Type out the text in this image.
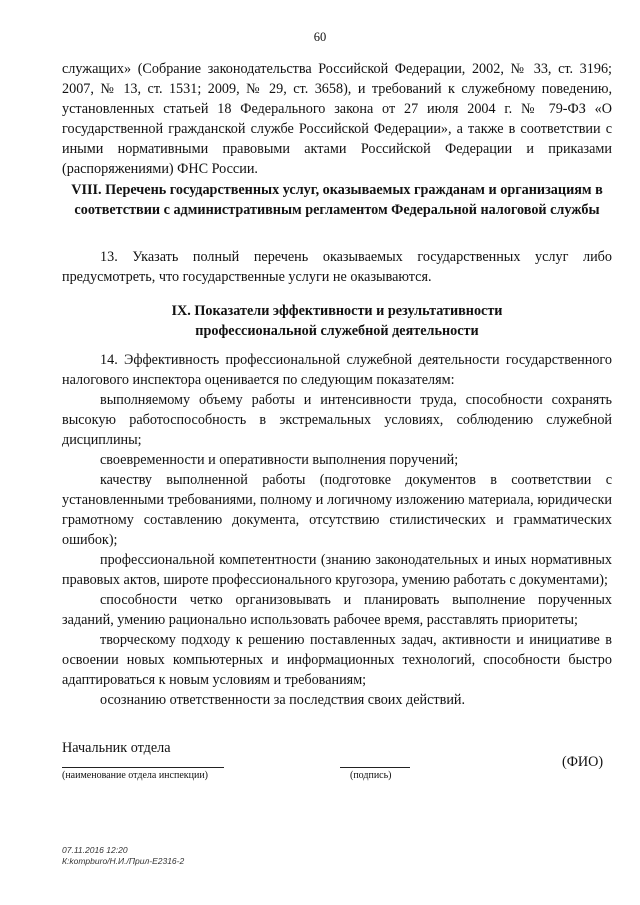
60

служащих» (Собрание законодательства Российской Федерации, 2002, № 33, ст. 3196; 2007, № 13, ст. 1531; 2009, № 29, ст. 3658), и требований к служебному поведению, установленных статьей 18 Федерального закона от 27 июля 2004 г. № 79-ФЗ «О государственной гражданской службе Российской Федерации», а также в соответствии с иными нормативными правовыми актами Российской Федерации и приказами (распоряжениями) ФНС России.

VIII. Перечень государственных услуг, оказываемых гражданам и организациям в соответствии с административным регламентом Федеральной налоговой службы

13. Указать полный перечень оказываемых государственных услуг либо предусмотреть, что государственные услуги не оказываются.

IX. Показатели эффективности и результативности
профессиональной служебной деятельности

14. Эффективность профессиональной служебной деятельности государственного налогового инспектора оценивается по следующим показателям:

выполняемому объему работы и интенсивности труда, способности сохранять высокую работоспособность в экстремальных условиях, соблюдению служебной дисциплины;

своевременности и оперативности выполнения поручений;

качеству выполненной работы (подготовке документов в соответствии с установленными требованиями, полному и логичному изложению материала, юридически грамотному составлению документа, отсутствию стилистических и грамматических ошибок);

профессиональной компетентности (знанию законодательных и иных нормативных правовых актов, широте профессионального кругозора, умению работать с документами);

способности четко организовывать и планировать выполнение порученных заданий, умению рационально использовать рабочее время, расставлять приоритеты;

творческому подходу к решению поставленных задач, активности и инициативе в освоении новых компьютерных и информационных технологий, способности быстро адаптироваться к новым условиям и требованиям;

осознанию ответственности за последствия своих действий.

Начальник отдела
(наименование отдела инспекции)	(подпись)
(ФИО)
07.11.2016 12:20
К:kompburo/Н.И./Прил-Е2316-2
